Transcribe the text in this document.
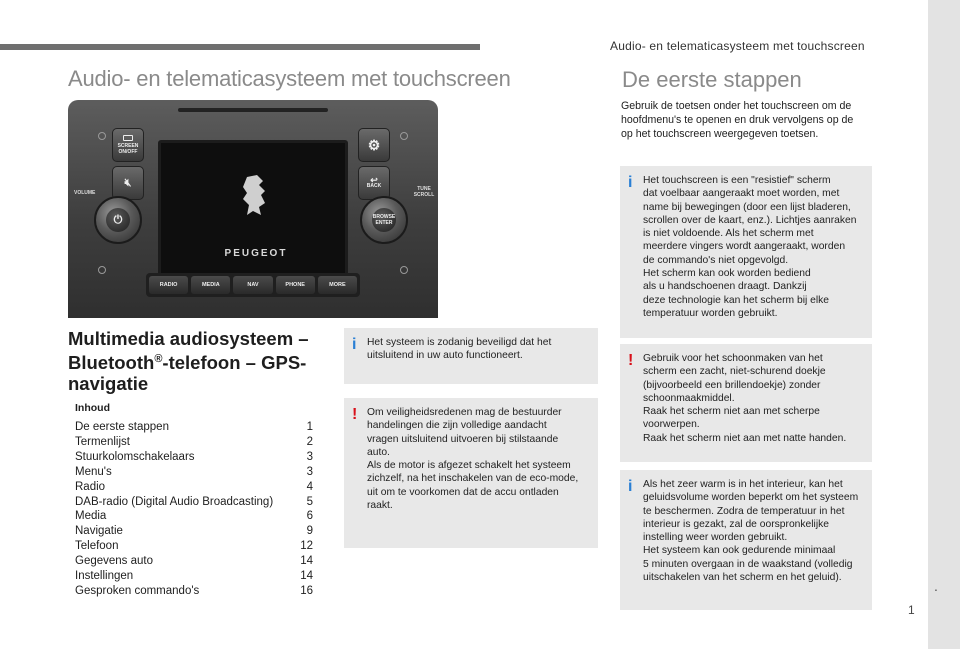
Audio- en telematicasysteem met touchscreen
.
1
Audio- en telematicasysteem met touchscreen	De eerste stappen
SCREEN ON/OFF
🔇︎
⚙
↩
BACK
VOLUME
TUNE SCROLL
⏻	BROWSE ENTER
PEUGEOT
RADIO	MEDIA	NAV	PHONE	MORE
Multimedia audiosysteem –
Bluetooth®-telefoon – GPS-
navigatie
Inhoud
De eerste stappen	1
Termenlijst	2
Stuurkolomschakelaars	3
Menu's	3
Radio	4
DAB-radio (Digital Audio Broadcasting)	5
Media	6
Navigatie	9
Telefoon	12
Gegevens auto	14
Instellingen	14
Gesproken commando's	16
i Het systeem is zodanig beveiligd dat het
uitsluitend in uw auto functioneert.
! Om veiligheidsredenen mag de bestuurder
handelingen die zijn volledige aandacht
vragen uitsluitend uitvoeren bij stilstaande
auto.
Als de motor is afgezet schakelt het systeem
zichzelf, na het inschakelen van de eco-mode,
uit om te voorkomen dat de accu ontladen
raakt.
Gebruik de toetsen onder het touchscreen om de
hoofdmenu's te openen en druk vervolgens op de
op het touchscreen weergegeven toetsen.
i Het touchscreen is een "resistief" scherm
dat voelbaar aangeraakt moet worden, met
name bij bewegingen (door een lijst bladeren,
scrollen over de kaart, enz.). Lichtjes aanraken
is niet voldoende. Als het scherm met
meerdere vingers wordt aangeraakt, worden
de commando's niet opgevolgd.
Het scherm kan ook worden bediend
als u handschoenen draagt. Dankzij
deze technologie kan het scherm bij elke
temperatuur worden gebruikt.
! Gebruik voor het schoonmaken van het
scherm een zacht, niet-schurend doekje
(bijvoorbeeld een brillendoekje) zonder
schoonmaakmiddel.
Raak het scherm niet aan met scherpe
voorwerpen.
Raak het scherm niet aan met natte handen.
i Als het zeer warm is in het interieur, kan het
geluidsvolume worden beperkt om het systeem
te beschermen. Zodra de temperatuur in het
interieur is gezakt, zal de oorspronkelijke
instelling weer worden gebruikt.
Het systeem kan ook gedurende minimaal
5 minuten overgaan in de waakstand (volledig
uitschakelen van het scherm en het geluid).
